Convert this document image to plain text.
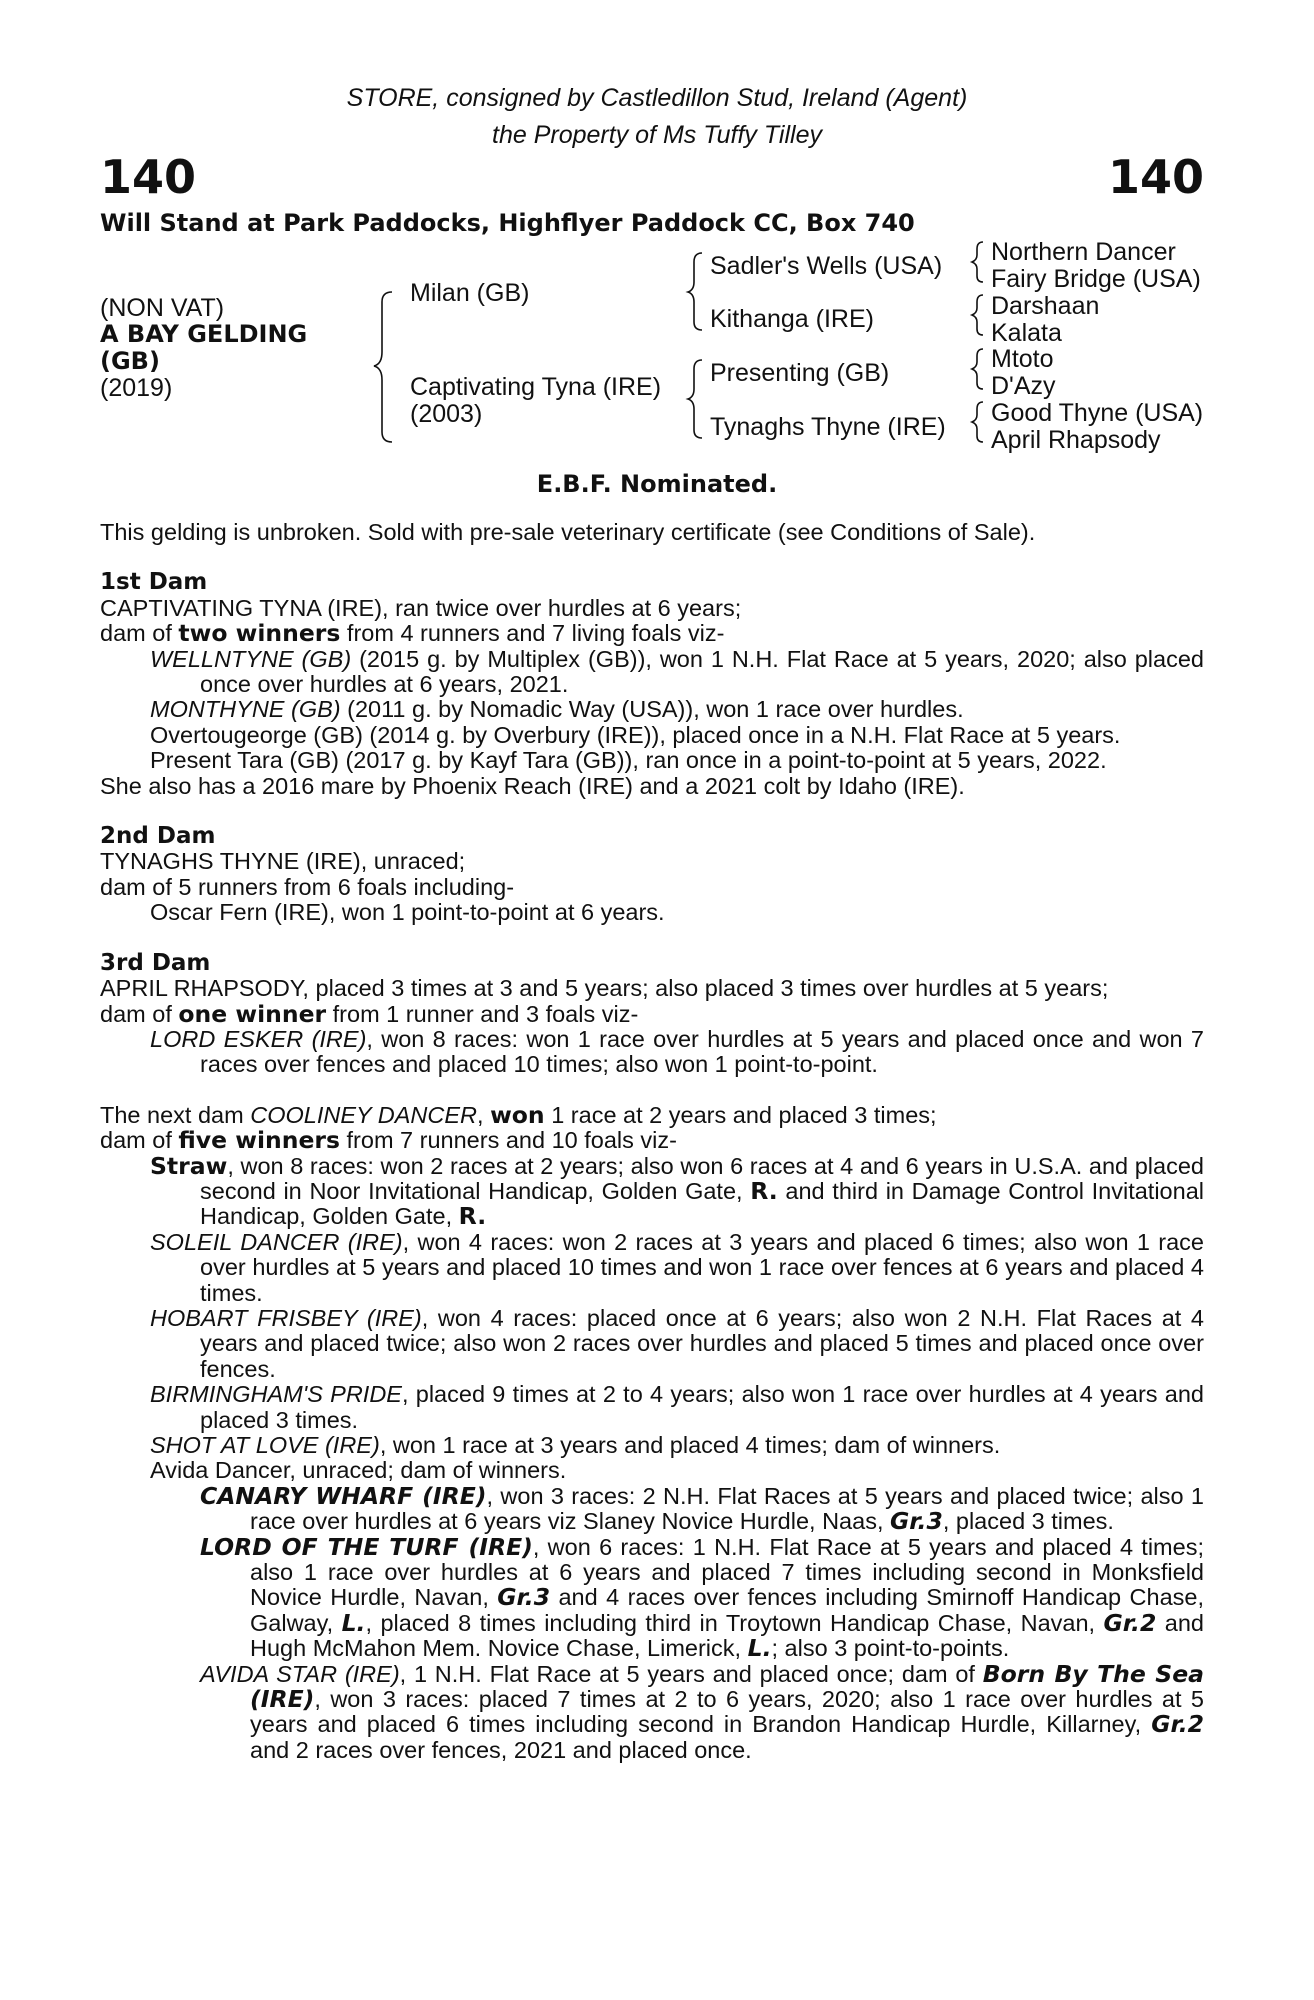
STORE, consigned by Castledillon Stud, Ireland (Agent)
the Property of Ms Tuffy Tilley
140	140
Will Stand at Park Paddocks, Highflyer Paddock CC, Box 740
(NON VAT)
A BAY GELDING
(GB)
(2019)
Milan (GB)
Captivating Tyna (IRE)
(2003)
Sadler's Wells (USA)
Kithanga (IRE)
Presenting (GB)
Tynaghs Thyne (IRE)
Northern Dancer
Fairy Bridge (USA)
Darshaan
Kalata
Mtoto
D'Azy
Good Thyne (USA)
April Rhapsody
E.B.F. Nominated.

This gelding is unbroken. Sold with pre-sale veterinary certificate (see Conditions of Sale).

1st Dam

CAPTIVATING TYNA (IRE), ran twice over hurdles at 6 years;

dam of two winners from 4 runners and 7 living foals viz-

WELLNTYNE (GB) (2015 g. by Multiplex (GB)), won 1 N.H. Flat Race at 5 years, 2020; also placed once over hurdles at 6 years, 2021.

MONTHYNE (GB) (2011 g. by Nomadic Way (USA)), won 1 race over hurdles.

Overtougeorge (GB) (2014 g. by Overbury (IRE)), placed once in a N.H. Flat Race at 5 years.

Present Tara (GB) (2017 g. by Kayf Tara (GB)), ran once in a point-to-point at 5 years, 2022.

She also has a 2016 mare by Phoenix Reach (IRE) and a 2021 colt by Idaho (IRE).

2nd Dam

TYNAGHS THYNE (IRE), unraced;

dam of 5 runners from 6 foals including-

Oscar Fern (IRE), won 1 point-to-point at 6 years.

3rd Dam

APRIL RHAPSODY, placed 3 times at 3 and 5 years; also placed 3 times over hurdles at 5 years;

dam of one winner from 1 runner and 3 foals viz-

LORD ESKER (IRE), won 8 races: won 1 race over hurdles at 5 years and placed once and won 7 races over fences and placed 10 times; also won 1 point-to-point.

The next dam COOLINEY DANCER, won 1 race at 2 years and placed 3 times;

dam of five winners from 7 runners and 10 foals viz-

Straw, won 8 races: won 2 races at 2 years; also won 6 races at 4 and 6 years in U.S.A. and placed second in Noor Invitational Handicap, Golden Gate, R. and third in Damage Control Invitational Handicap, Golden Gate, R.

SOLEIL DANCER (IRE), won 4 races: won 2 races at 3 years and placed 6 times; also won 1 race over hurdles at 5 years and placed 10 times and won 1 race over fences at 6 years and placed 4 times.

HOBART FRISBEY (IRE), won 4 races: placed once at 6 years; also won 2 N.H. Flat Races at 4 years and placed twice; also won 2 races over hurdles and placed 5 times and placed once over fences.

BIRMINGHAM'S PRIDE, placed 9 times at 2 to 4 years; also won 1 race over hurdles at 4 years and placed 3 times.

SHOT AT LOVE (IRE), won 1 race at 3 years and placed 4 times; dam of winners.

Avida Dancer, unraced; dam of winners.

CANARY WHARF (IRE), won 3 races: 2 N.H. Flat Races at 5 years and placed twice; also 1 race over hurdles at 6 years viz Slaney Novice Hurdle, Naas, Gr.3, placed 3 times.

LORD OF THE TURF (IRE), won 6 races: 1 N.H. Flat Race at 5 years and placed 4 times; also 1 race over hurdles at 6 years and placed 7 times including second in Monksfield Novice Hurdle, Navan, Gr.3 and 4 races over fences including Smirnoff Handicap Chase, Galway, L., placed 8 times including third in Troytown Handicap Chase, Navan, Gr.2 and Hugh McMahon Mem. Novice Chase, Limerick, L.; also 3 point-to-points.

AVIDA STAR (IRE), 1 N.H. Flat Race at 5 years and placed once; dam of Born By The Sea (IRE), won 3 races: placed 7 times at 2 to 6 years, 2020; also 1 race over hurdles at 5 years and placed 6 times including second in Brandon Handicap Hurdle, Killarney, Gr.2 and 2 races over fences, 2021 and placed once.
